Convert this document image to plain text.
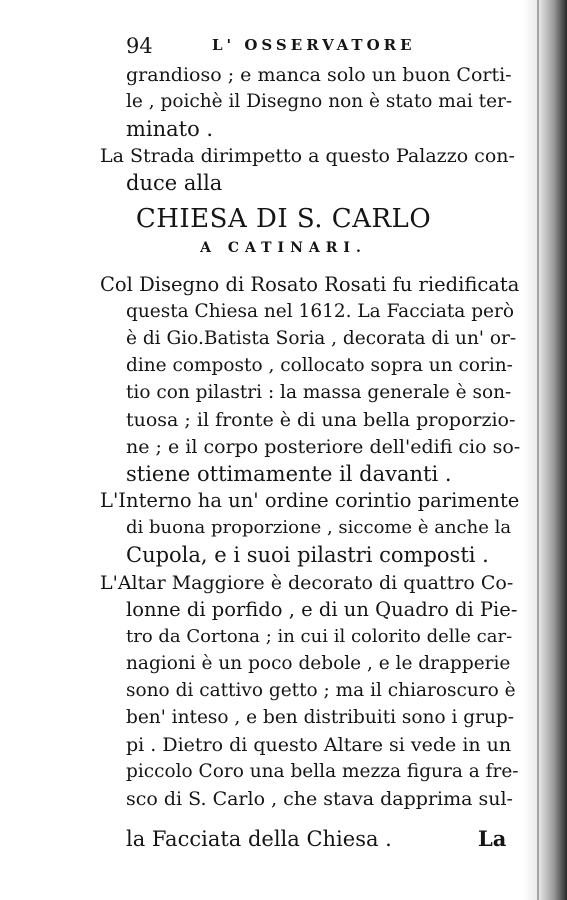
94	L' OSSERVATORE
grandioso ; e manca solo un buon Corti-
le , poichè il Disegno non è stato mai ter-
minato .
La Strada dirimpetto a questo Palazzo con-
duce alla
CHIESA DI S. CARLO
A CATINARI.
Col Disegno di Rosato Rosati fu riedificata
questa Chiesa nel 1612. La Facciata però
è di Gio.Batista Soria , decorata di un' or-
dine composto , collocato sopra un corin-
tio con pilastri : la massa generale è son-
tuosa ; il fronte è di una bella proporzio-
ne ; e il corpo posteriore dell'edifi cio so-
stiene ottimamente il davanti .
L'Interno ha un' ordine corintio parimente
di buona proporzione , siccome è anche la
Cupola, e i suoi pilastri composti .
L'Altar Maggiore è decorato di quattro Co-
lonne di porfido , e di un Quadro di Pie-
tro da Cortona ; in cui il colorito delle car-
nagioni è un poco debole , e le drapperie
sono di cattivo getto ; ma il chiaroscuro è
ben' inteso , e ben distribuiti sono i grup-
pi . Dietro di questo Altare si vede in un
piccolo Coro una bella mezza figura a fre-
sco di S. Carlo , che stava dapprima sul-
la Facciata della Chiesa .	La
